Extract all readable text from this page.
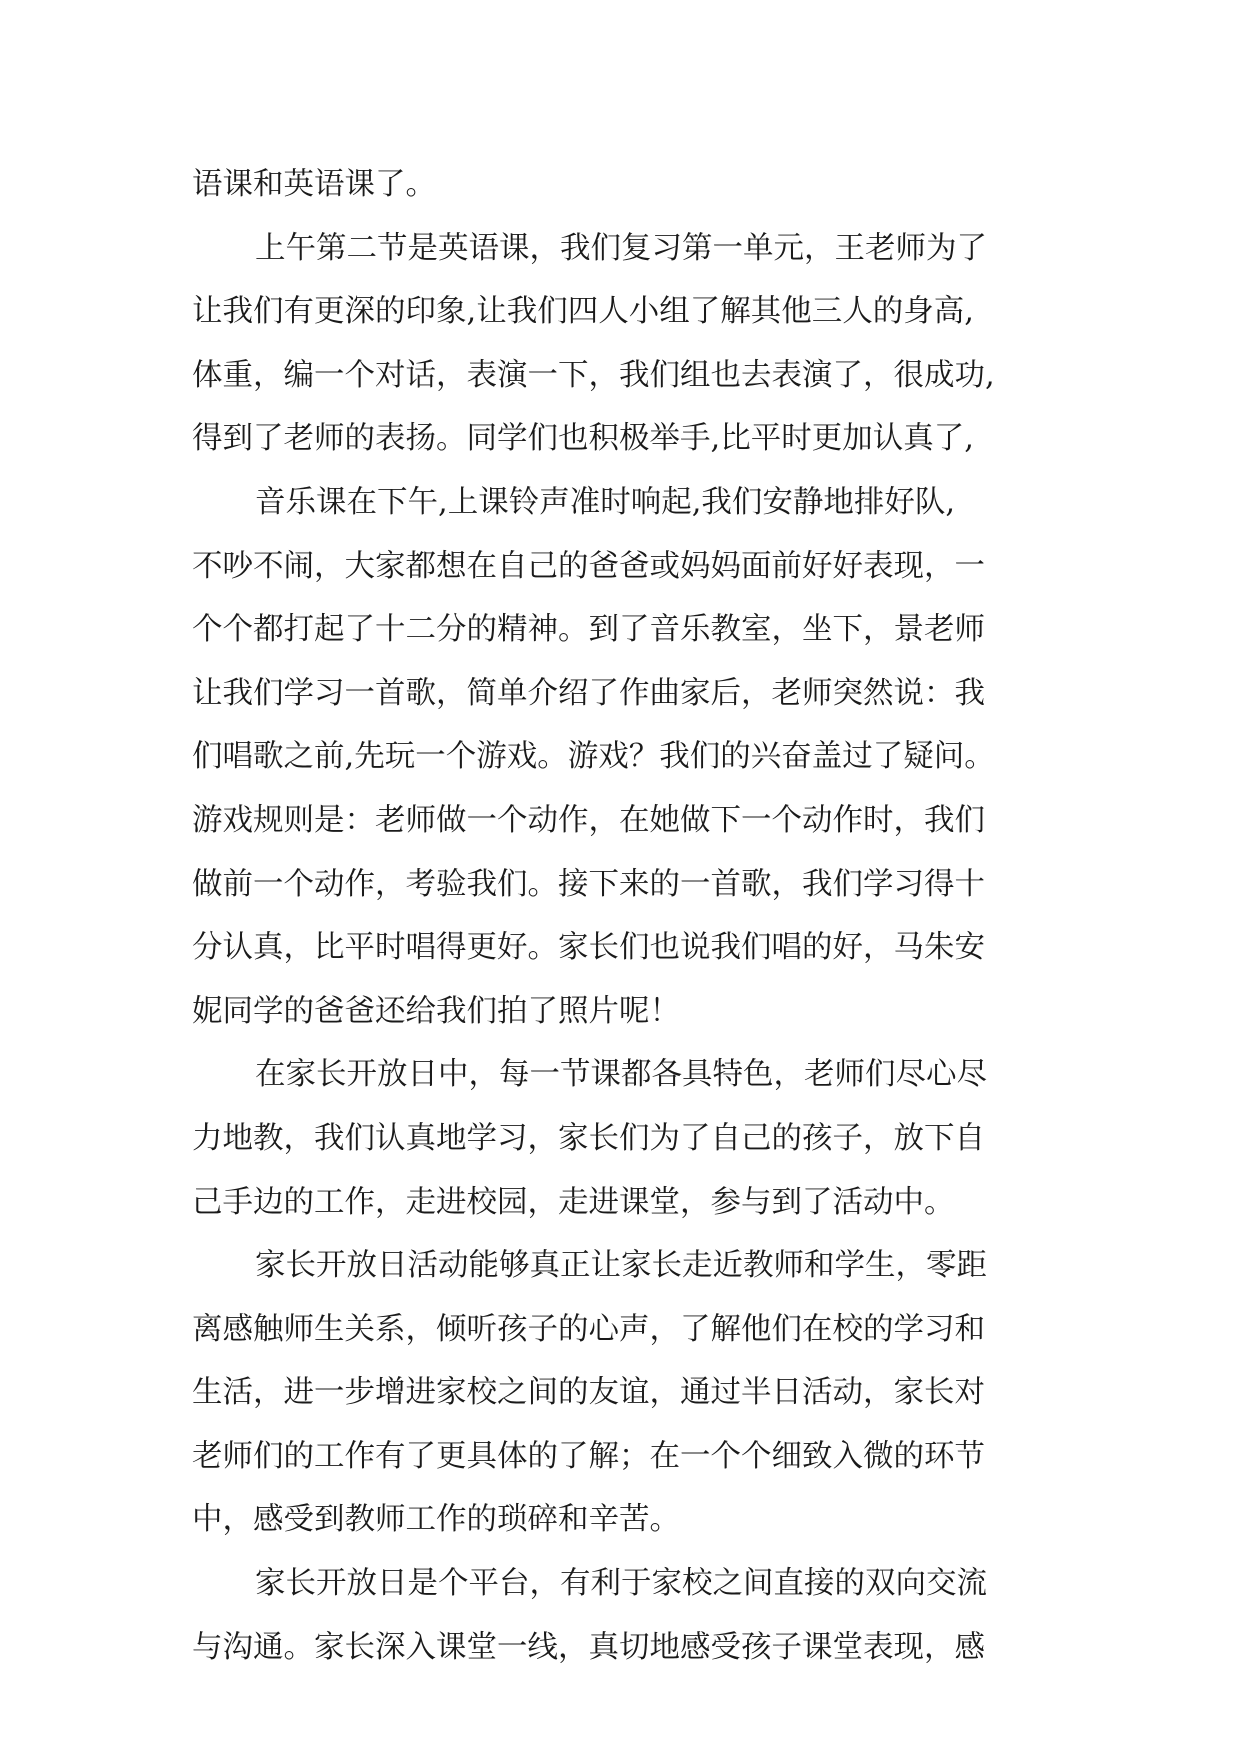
语课和英语课了。
上午第二节是英语课，我们复习第一单元，王老师为了
让我们有更深的印象,让我们四人小组了解其他三人的身高,
体重，编一个对话，表演一下，我们组也去表演了，很成功,
得到了老师的表扬。同学们也积极举手,比平时更加认真了,
音乐课在下午,上课铃声准时响起,我们安静地排好队,
不吵不闹，大家都想在自己的爸爸或妈妈面前好好表现，一
个个都打起了十二分的精神。到了音乐教室，坐下，景老师
让我们学习一首歌，简单介绍了作曲家后，老师突然说：我
们唱歌之前,先玩一个游戏。游戏？我们的兴奋盖过了疑问。
游戏规则是：老师做一个动作，在她做下一个动作时，我们
做前一个动作，考验我们。接下来的一首歌，我们学习得十
分认真，比平时唱得更好。家长们也说我们唱的好，马朱安
妮同学的爸爸还给我们拍了照片呢！
在家长开放日中，每一节课都各具特色，老师们尽心尽
力地教，我们认真地学习，家长们为了自己的孩子，放下自
己手边的工作，走进校园，走进课堂，参与到了活动中。
家长开放日活动能够真正让家长走近教师和学生，零距
离感触师生关系，倾听孩子的心声，了解他们在校的学习和
生活，进一步增进家校之间的友谊，通过半日活动，家长对
老师们的工作有了更具体的了解；在一个个细致入微的环节
中，感受到教师工作的琐碎和辛苦。
家长开放日是个平台，有利于家校之间直接的双向交流
与沟通。家长深入课堂一线，真切地感受孩子课堂表现，感
